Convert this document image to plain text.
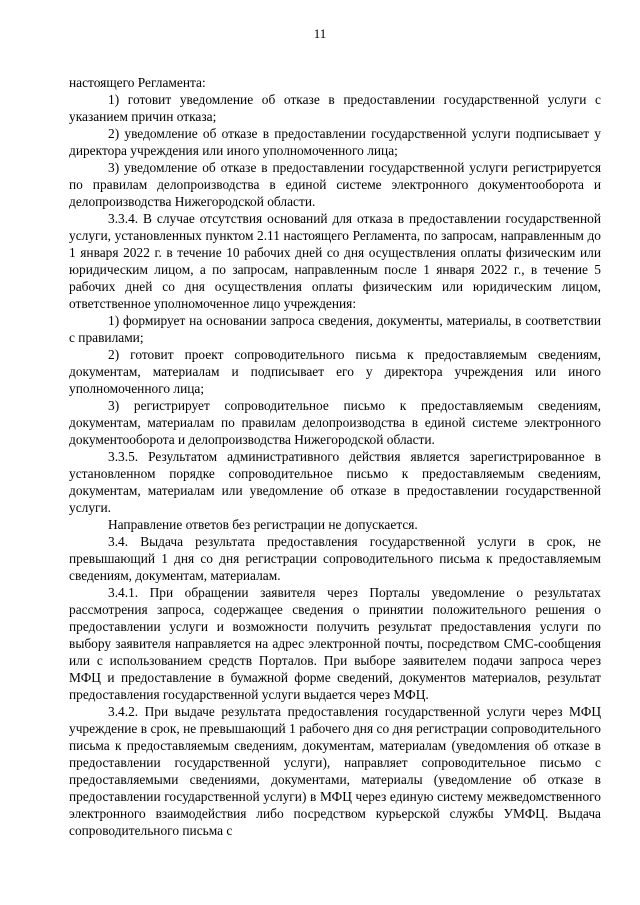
11

настоящего Регламента:

1) готовит уведомление об отказе в предоставлении государственной услуги с указанием причин отказа;

2) уведомление об отказе в предоставлении государственной услуги подписывает у директора учреждения или иного уполномоченного лица;

3) уведомление об отказе в предоставлении государственной услуги регистрируется по правилам делопроизводства в единой системе электронного документооборота и делопроизводства Нижегородской области.

3.3.4. В случае отсутствия оснований для отказа в предоставлении государственной услуги, установленных пунктом 2.11 настоящего Регламента, по запросам, направленным до 1 января 2022 г. в течение 10 рабочих дней со дня осуществления оплаты физическим или юридическим лицом, а по запросам, направленным после 1 января 2022 г., в течение 5 рабочих дней со дня осуществления оплаты физическим или юридическим лицом, ответственное уполномоченное лицо учреждения:

1) формирует на основании запроса сведения, документы, материалы, в соответствии с правилами;

2) готовит проект сопроводительного письма к предоставляемым сведениям, документам, материалам и подписывает его у директора учреждения или иного уполномоченного лица;

3) регистрирует сопроводительное письмо к предоставляемым сведениям, документам, материалам по правилам делопроизводства в единой системе электронного документооборота и делопроизводства Нижегородской области.

3.3.5. Результатом административного действия является зарегистрированное в установленном порядке сопроводительное письмо к предоставляемым сведениям, документам, материалам или уведомление об отказе в предоставлении государственной услуги.

Направление ответов без регистрации не допускается.

3.4. Выдача результата предоставления государственной услуги в срок, не превышающий 1 дня со дня регистрации сопроводительного письма к предоставляемым сведениям, документам, материалам.

3.4.1. При обращении заявителя через Порталы уведомление о результатах рассмотрения запроса, содержащее сведения о принятии положительного решения о предоставлении услуги и возможности получить результат предоставления услуги по выбору заявителя направляется на адрес электронной почты, посредством СМС-сообщения или с использованием средств Порталов. При выборе заявителем подачи запроса через МФЦ и предоставление в бумажной форме сведений, документов материалов, результат предоставления государственной услуги выдается через МФЦ.

3.4.2. При выдаче результата предоставления государственной услуги через МФЦ учреждение в срок, не превышающий 1 рабочего дня со дня регистрации сопроводительного письма к предоставляемым сведениям, документам, материалам (уведомления об отказе в предоставлении государственной услуги), направляет сопроводительное письмо с предоставляемыми сведениями, документами, материалы (уведомление об отказе в предоставлении государственной услуги) в МФЦ через единую систему межведомственного электронного взаимодействия либо посредством курьерской службы УМФЦ. Выдача сопроводительного письма с
